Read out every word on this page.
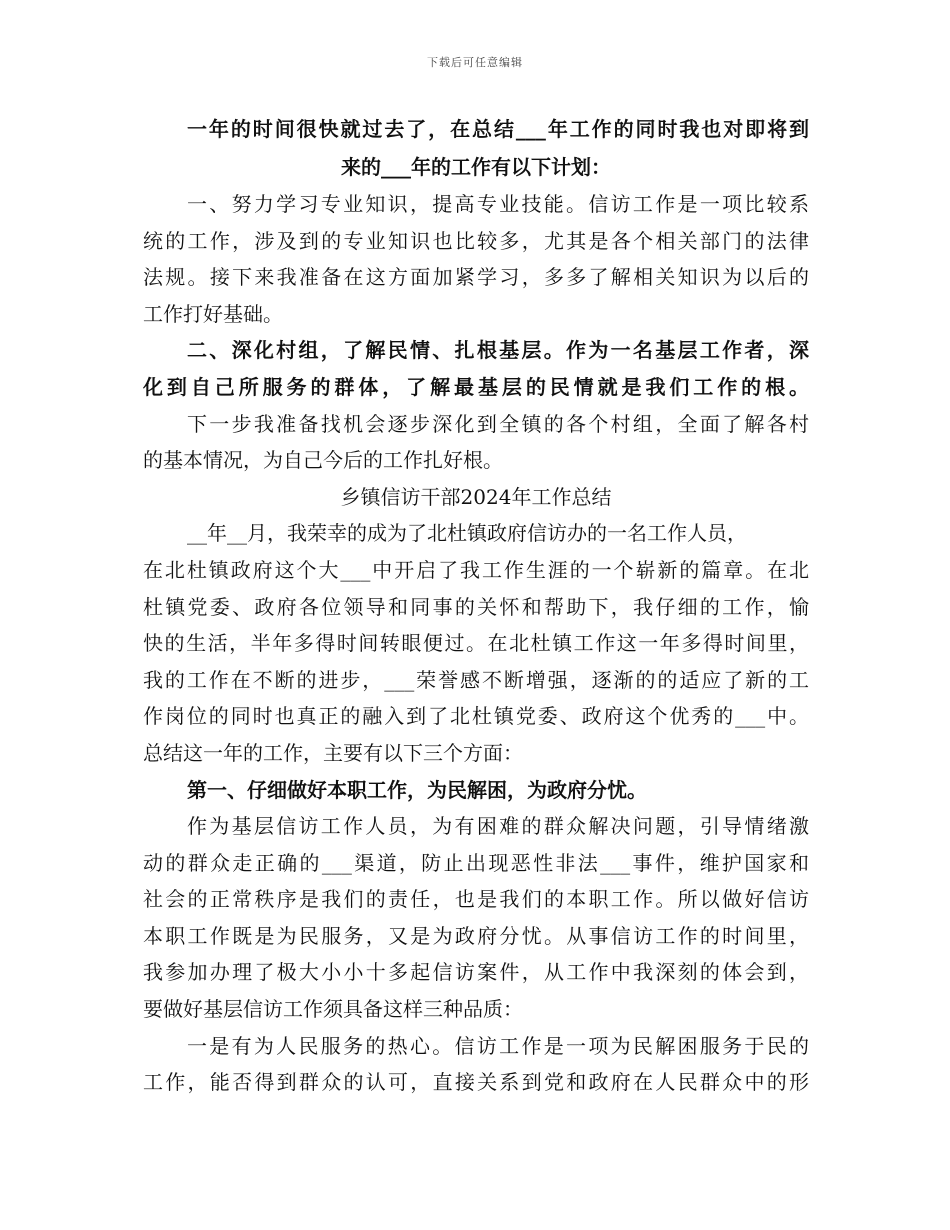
下载后可任意编辑
一年的时间很快就过去了，在总结___年工作的同时我也对即将到
来的___年的工作有以下计划：
一、努力学习专业知识，提高专业技能。信访工作是一项比较系
统的工作，涉及到的专业知识也比较多，尤其是各个相关部门的法律
法规。接下来我准备在这方面加紧学习，多多了解相关知识为以后的
工作打好基础。
二、深化村组，了解民情、扎根基层。作为一名基层工作者，深
化到自己所服务的群体，了解最基层的民情就是我们工作的根。
下一步我准备找机会逐步深化到全镇的各个村组，全面了解各村
的基本情况，为自己今后的工作扎好根。
乡镇信访干部2024年工作总结
__年__月，我荣幸的成为了北杜镇政府信访办的一名工作人员，
在北杜镇政府这个大___中开启了我工作生涯的一个崭新的篇章。在北
杜镇党委、政府各位领导和同事的关怀和帮助下，我仔细的工作，愉
快的生活，半年多得时间转眼便过。在北杜镇工作这一年多得时间里，
我的工作在不断的进步，___荣誉感不断增强，逐渐的的适应了新的工
作岗位的同时也真正的融入到了北杜镇党委、政府这个优秀的___中。
总结这一年的工作，主要有以下三个方面：
第一、仔细做好本职工作，为民解困，为政府分忧。
作为基层信访工作人员，为有困难的群众解决问题，引导情绪激
动的群众走正确的___渠道，防止出现恶性非法___事件，维护国家和
社会的正常秩序是我们的责任，也是我们的本职工作。所以做好信访
本职工作既是为民服务，又是为政府分忧。从事信访工作的时间里，
我参加办理了极大小小十多起信访案件，从工作中我深刻的体会到，
要做好基层信访工作须具备这样三种品质：
一是有为人民服务的热心。信访工作是一项为民解困服务于民的
工作，能否得到群众的认可，直接关系到党和政府在人民群众中的形
